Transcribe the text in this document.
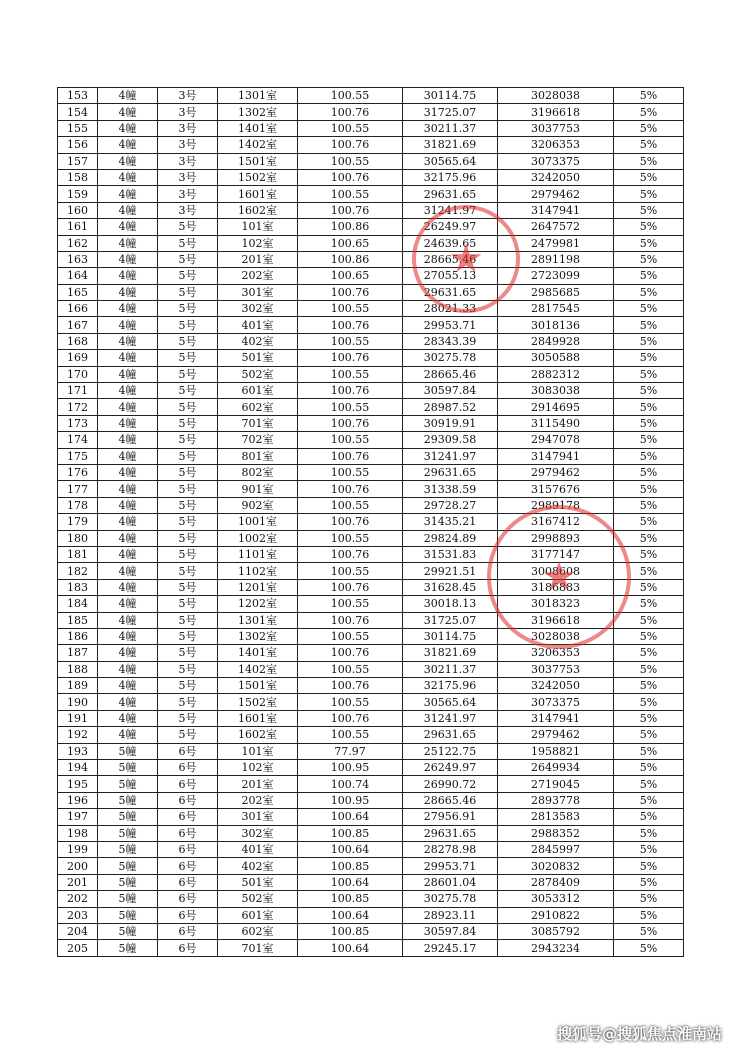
153	4幢	3号	1301室	100.55	30114.75	3028038	5%
154	4幢	3号	1302室	100.76	31725.07	3196618	5%
155	4幢	3号	1401室	100.55	30211.37	3037753	5%
156	4幢	3号	1402室	100.76	31821.69	3206353	5%
157	4幢	3号	1501室	100.55	30565.64	3073375	5%
158	4幢	3号	1502室	100.76	32175.96	3242050	5%
159	4幢	3号	1601室	100.55	29631.65	2979462	5%
160	4幢	3号	1602室	100.76	31241.97	3147941	5%
161	4幢	5号	101室	100.86	26249.97	2647572	5%
162	4幢	5号	102室	100.65	24639.65	2479981	5%
163	4幢	5号	201室	100.86	28665.46	2891198	5%
164	4幢	5号	202室	100.65	27055.13	2723099	5%
165	4幢	5号	301室	100.76	29631.65	2985685	5%
166	4幢	5号	302室	100.55	28021.33	2817545	5%
167	4幢	5号	401室	100.76	29953.71	3018136	5%
168	4幢	5号	402室	100.55	28343.39	2849928	5%
169	4幢	5号	501室	100.76	30275.78	3050588	5%
170	4幢	5号	502室	100.55	28665.46	2882312	5%
171	4幢	5号	601室	100.76	30597.84	3083038	5%
172	4幢	5号	602室	100.55	28987.52	2914695	5%
173	4幢	5号	701室	100.76	30919.91	3115490	5%
174	4幢	5号	702室	100.55	29309.58	2947078	5%
175	4幢	5号	801室	100.76	31241.97	3147941	5%
176	4幢	5号	802室	100.55	29631.65	2979462	5%
177	4幢	5号	901室	100.76	31338.59	3157676	5%
178	4幢	5号	902室	100.55	29728.27	2989178	5%
179	4幢	5号	1001室	100.76	31435.21	3167412	5%
180	4幢	5号	1002室	100.55	29824.89	2998893	5%
181	4幢	5号	1101室	100.76	31531.83	3177147	5%
182	4幢	5号	1102室	100.55	29921.51	3008608	5%
183	4幢	5号	1201室	100.76	31628.45	3186883	5%
184	4幢	5号	1202室	100.55	30018.13	3018323	5%
185	4幢	5号	1301室	100.76	31725.07	3196618	5%
186	4幢	5号	1302室	100.55	30114.75	3028038	5%
187	4幢	5号	1401室	100.76	31821.69	3206353	5%
188	4幢	5号	1402室	100.55	30211.37	3037753	5%
189	4幢	5号	1501室	100.76	32175.96	3242050	5%
190	4幢	5号	1502室	100.55	30565.64	3073375	5%
191	4幢	5号	1601室	100.76	31241.97	3147941	5%
192	4幢	5号	1602室	100.55	29631.65	2979462	5%
193	5幢	6号	101室	77.97	25122.75	1958821	5%
194	5幢	6号	102室	100.95	26249.97	2649934	5%
195	5幢	6号	201室	100.74	26990.72	2719045	5%
196	5幢	6号	202室	100.95	28665.46	2893778	5%
197	5幢	6号	301室	100.64	27956.91	2813583	5%
198	5幢	6号	302室	100.85	29631.65	2988352	5%
199	5幢	6号	401室	100.64	28278.98	2845997	5%
200	5幢	6号	402室	100.85	29953.71	3020832	5%
201	5幢	6号	501室	100.64	28601.04	2878409	5%
202	5幢	6号	502室	100.85	30275.78	3053312	5%
203	5幢	6号	601室	100.64	28923.11	2910822	5%
204	5幢	6号	602室	100.85	30597.84	3085792	5%
205	5幢	6号	701室	100.64	29245.17	2943234	5%
★
★
搜狐号@搜狐焦点淮南站
